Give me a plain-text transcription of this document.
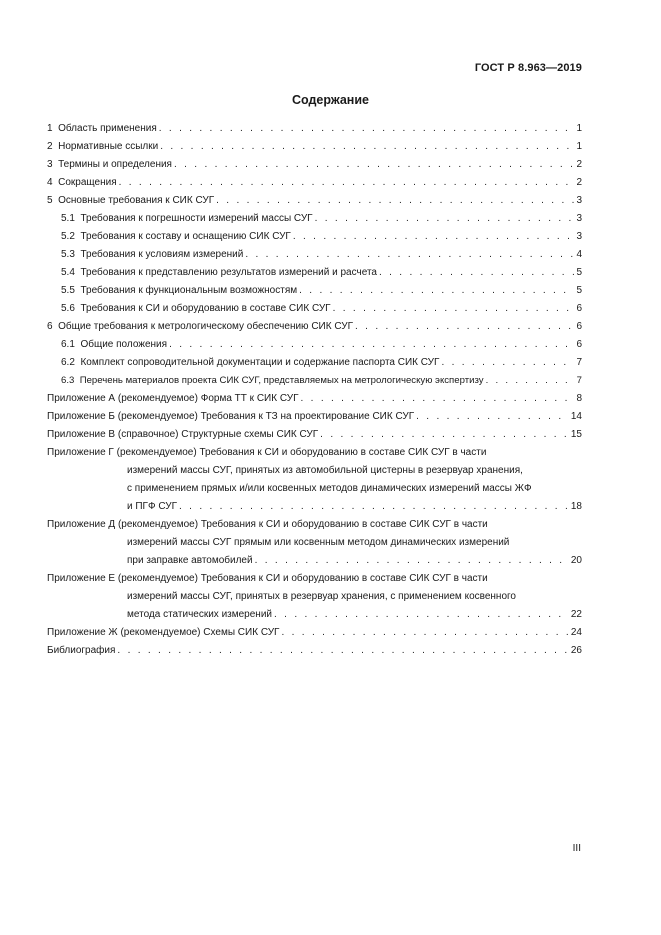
ГОСТ Р 8.963—2019
Содержание
1 Область применения . . .	1
2 Нормативные ссылки . . .	1
3 Термины и определения . . .	2
4 Сокращения . . .	2
5 Основные требования к СИК СУГ . . .	3
5.1 Требования к погрешности измерений массы СУГ . . .	3
5.2 Требования к составу и оснащению СИК СУГ . . .	3
5.3 Требования к условиям измерений . . .	4
5.4 Требования к представлению результатов измерений и расчета . . .	5
5.5 Требования к функциональным возможностям . . .	5
5.6 Требования к СИ и оборудованию в составе СИК СУГ . . .	6
6 Общие требования к метрологическому обеспечению СИК СУГ . . .	6
6.1 Общие положения . . .	6
6.2 Комплект сопроводительной документации и содержание паспорта СИК СУГ . . .	7
6.3 Перечень материалов проекта СИК СУГ, представляемых на метрологическую экспертизу . . .	7
Приложение А (рекомендуемое) Форма ТТ к СИК СУГ . . .	8
Приложение Б (рекомендуемое) Требования к ТЗ на проектирование СИК СУГ . . .	14
Приложение В (справочное) Структурные схемы СИК СУГ . . .	15
Приложение Г (рекомендуемое) Требования к СИ и оборудованию в составе СИК СУГ в части
измерений массы СУГ, принятых из автомобильной цистерны в резервуар хранения,
с применением прямых и/или косвенных методов динамических измерений массы ЖФ
и ПГФ СУГ . . .	18
Приложение Д (рекомендуемое) Требования к СИ и оборудованию в составе СИК СУГ в части
измерений массы СУГ прямым или косвенным методом динамических измерений
при заправке автомобилей . . .	20
Приложение Е (рекомендуемое) Требования к СИ и оборудованию в составе СИК СУГ в части
измерений массы СУГ, принятых в резервуар хранения, с применением косвенного
метода статических измерений . . .	22
Приложение Ж (рекомендуемое) Схемы СИК СУГ . . .	24
Библиография . . .	26
III
